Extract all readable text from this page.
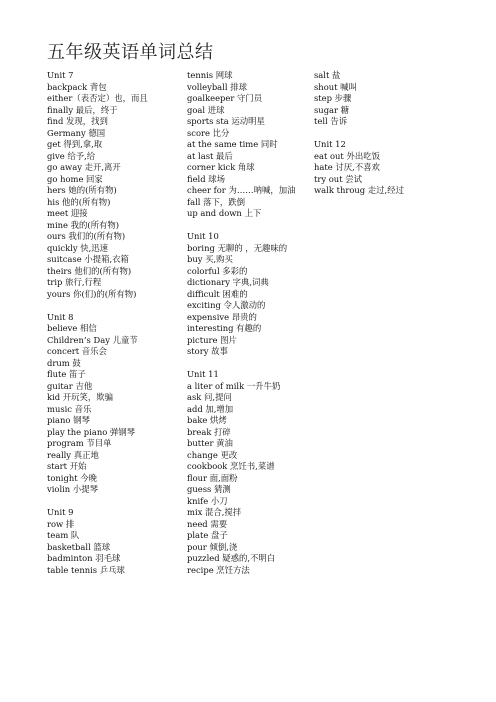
五年级英语单词总结
Unit 7
backpack 背包
either（表否定）也，而且
finally 最后，终于
find 发现，找到
Germany 德国
get 得到,拿,取
give 给予,给
go away 走开,离开
go home 回家
hers 她的(所有物)
his 他的(所有物)
meet 迎接
mine 我的(所有物)
ours 我们的(所有物)
quickly 快,迅速
suitcase 小提箱,衣箱
theirs 他们的(所有物)
trip 旅行,行程
yours 你(们)的(所有物)
Unit 8
believe 相信
Children’s Day 儿童节
concert 音乐会
drum 鼓
flute 笛子
guitar 吉他
kid 开玩笑，欺骗
music 音乐
piano 钢琴
play the piano 弹钢琴
program 节目单
really 真正地
start 开始
tonight 今晚
violin 小提琴
Unit 9
row 排
team 队
basketball 篮球
badminton 羽毛球
table tennis 乒乓球
tennis 网球
volleyball 排球
goalkeeper 守门员
goal 进球
sports sta 运动明星
score 比分
at the same time 同时
at last 最后
corner kick 角球
field 球场
cheer for 为……呐喊，加油
fall 落下，跌倒
up and down 上下
Unit 10
boring 无聊的 ，无趣味的
buy 买,购买
colorful 多彩的
dictionary 字典,词典
difficult 困难的
exciting 令人激动的
expensive 昂贵的
interesting 有趣的
picture 图片
story 故事
Unit 11
a liter of milk 一升牛奶
ask 问,提问
add 加,增加
bake 烘烤
break 打碎
butter 黄油
change 更改
cookbook 烹饪书,菜谱
flour 面,面粉
guess 猜测
knife 小刀
mix 混合,搅拌
need 需要
plate 盘子
pour 倾倒,浇
puzzled 疑惑的,不明白
recipe 烹饪方法
salt 盐
shout 喊叫
step 步骤
sugar 糖
tell 告诉
Unit 12
eat out 外出吃饭
hate 讨厌,不喜欢
try out 尝试
walk throug 走过,经过
